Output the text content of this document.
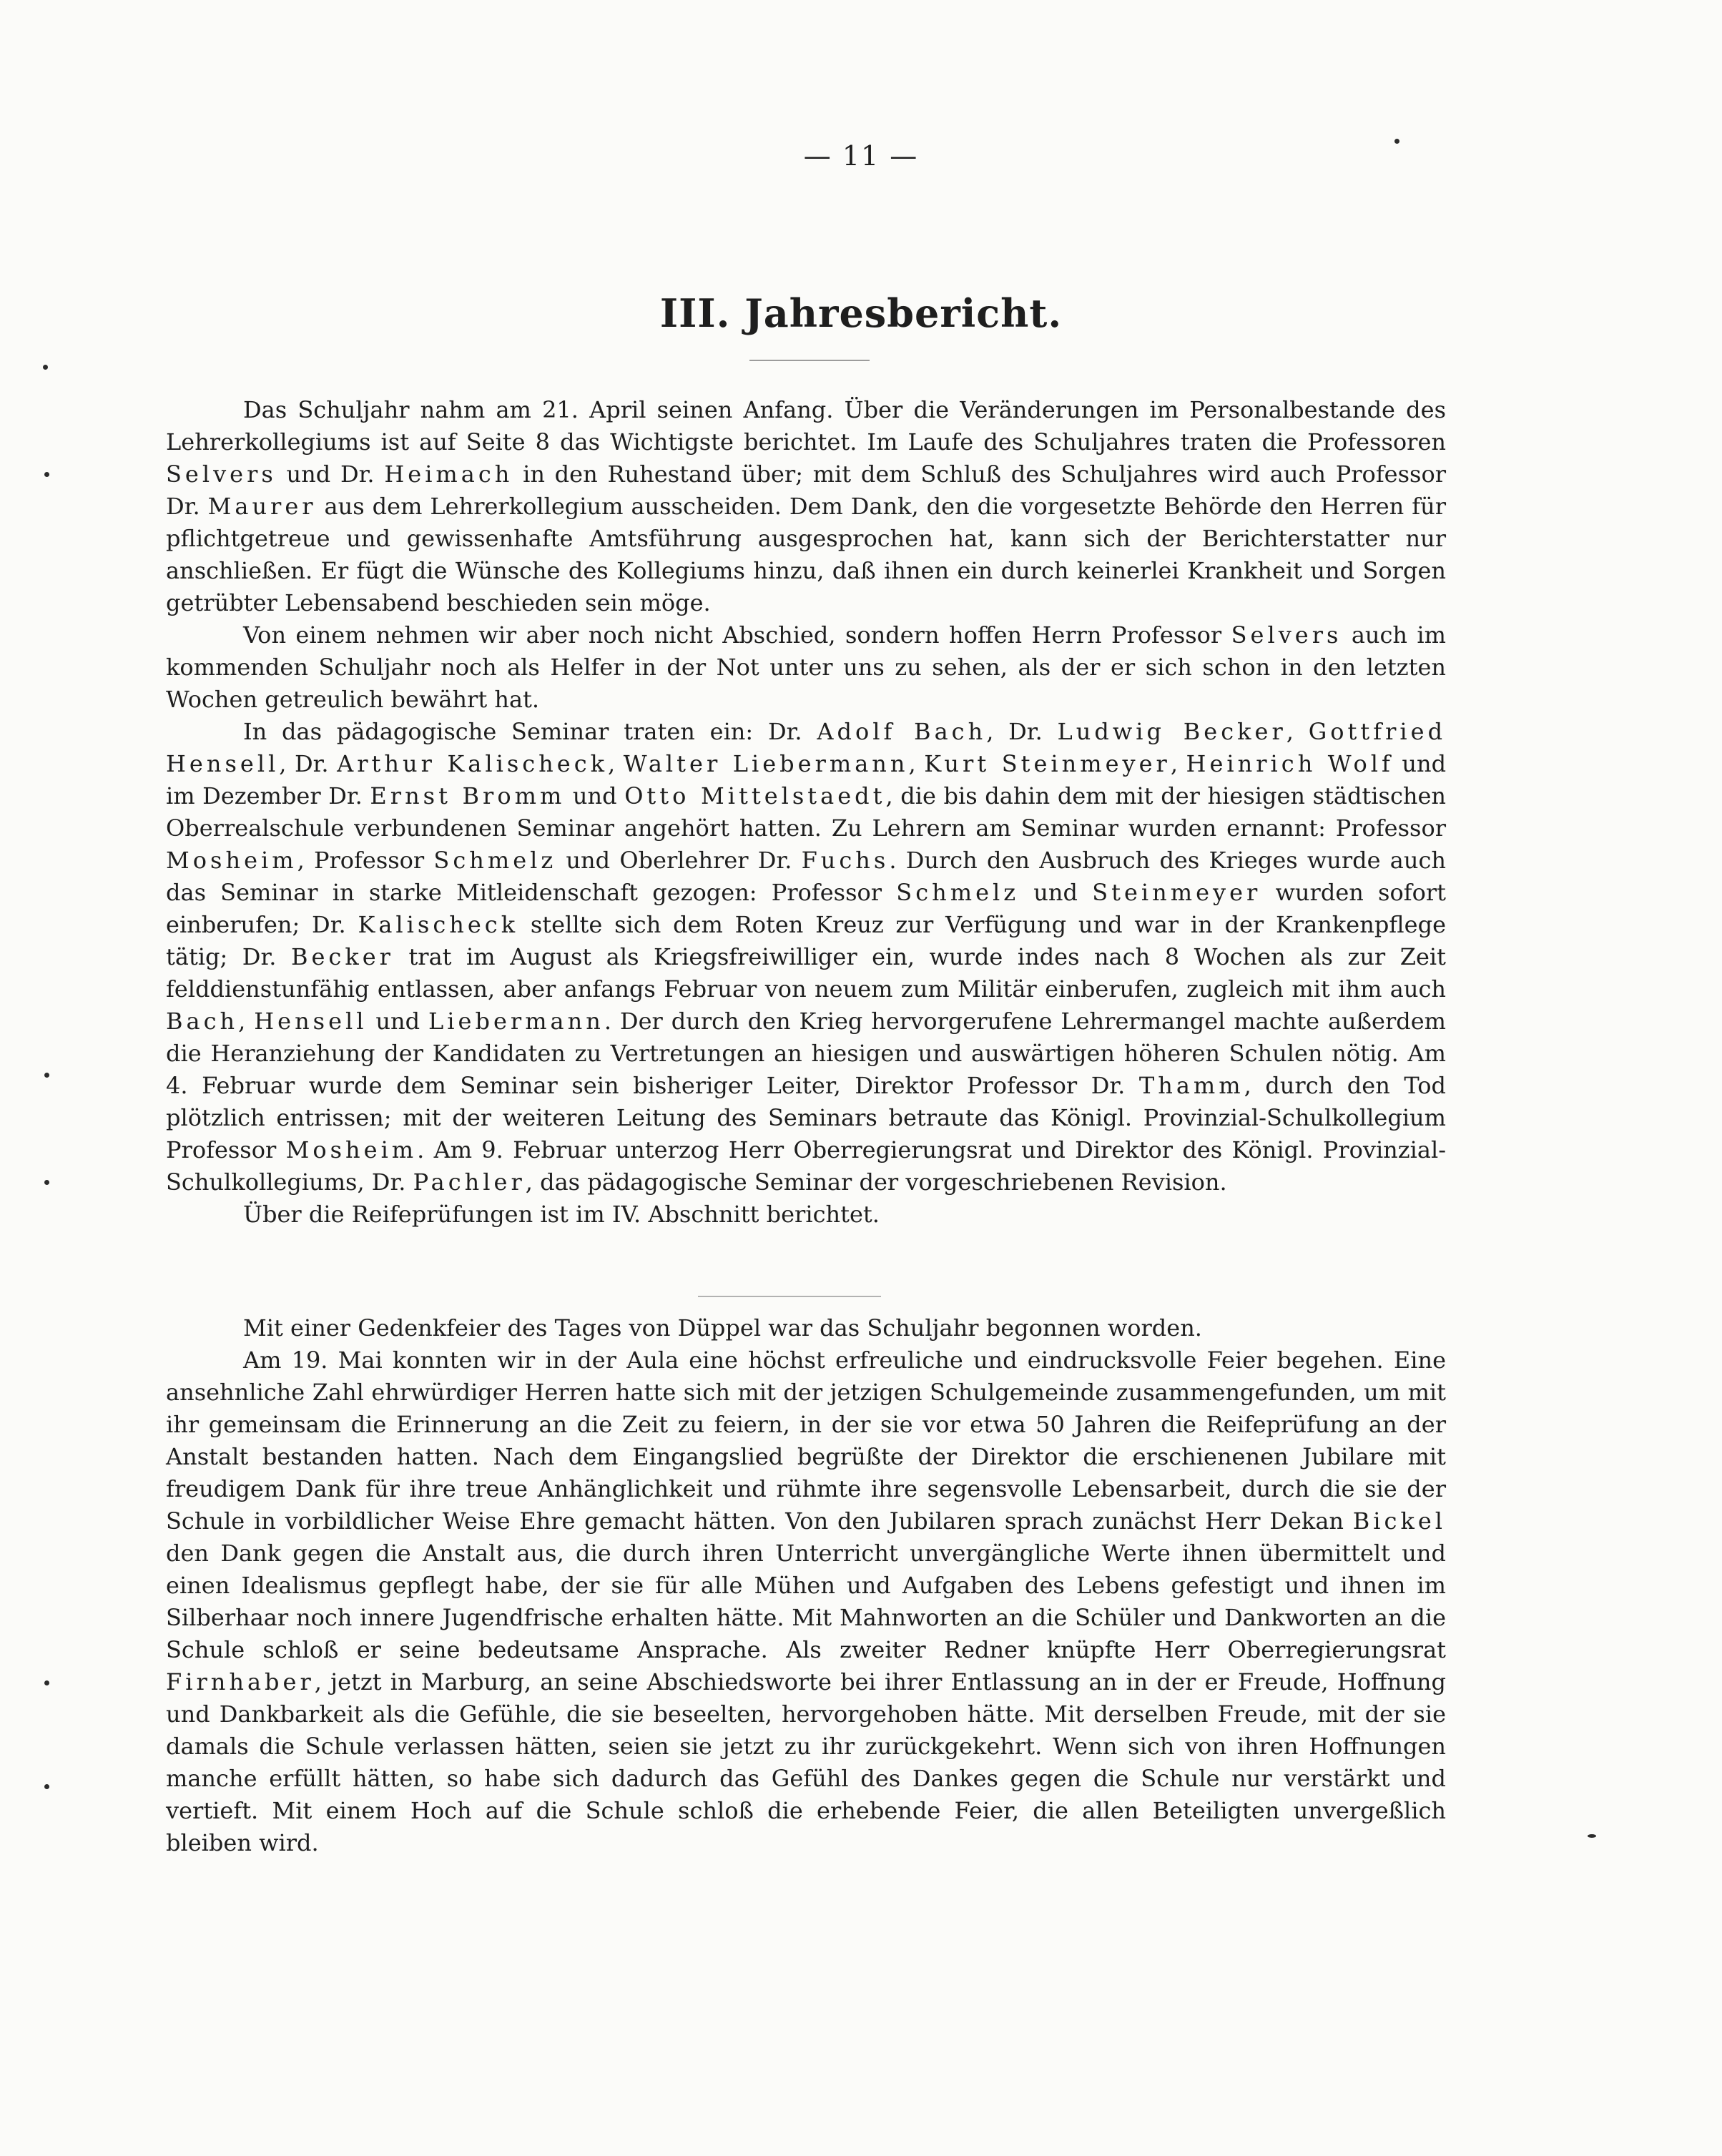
— 11 —
III. Jahresbericht.

Das Schuljahr nahm am 21. April seinen Anfang. Über die Veränderungen im Personalbestande des Lehrerkollegiums ist auf Seite 8 das Wichtigste berichtet. Im Laufe des Schuljahres traten die Professoren Selvers und Dr. Heimach in den Ruhestand über; mit dem Schluß des Schuljahres wird auch Professor Dr. Maurer aus dem Lehrerkollegium ausscheiden. Dem Dank, den die vorgesetzte Behörde den Herren für pflichtgetreue und gewissenhafte Amtsführung ausgesprochen hat, kann sich der Berichterstatter nur anschließen. Er fügt die Wünsche des Kollegiums hinzu, daß ihnen ein durch keinerlei Krankheit und Sorgen getrübter Lebensabend beschieden sein möge.

Von einem nehmen wir aber noch nicht Abschied, sondern hoffen Herrn Professor Selvers auch im kommenden Schuljahr noch als Helfer in der Not unter uns zu sehen, als der er sich schon in den letzten Wochen getreulich bewährt hat.

In das pädagogische Seminar traten ein: Dr. Adolf Bach, Dr. Ludwig Becker, Gottfried Hensell, Dr. Arthur Kalischeck, Walter Liebermann, Kurt Steinmeyer, Heinrich Wolf und im Dezember Dr. Ernst Bromm und Otto Mittelstaedt, die bis dahin dem mit der hiesigen städtischen Oberrealschule verbundenen Seminar angehört hatten. Zu Lehrern am Seminar wurden ernannt: Professor Mosheim, Professor Schmelz und Oberlehrer Dr. Fuchs. Durch den Ausbruch des Krieges wurde auch das Seminar in starke Mitleidenschaft gezogen: Professor Schmelz und Steinmeyer wurden sofort einberufen; Dr. Kalischeck stellte sich dem Roten Kreuz zur Verfügung und war in der Krankenpflege tätig; Dr. Becker trat im August als Kriegsfreiwilliger ein, wurde indes nach 8 Wochen als zur Zeit felddienstunfähig entlassen, aber anfangs Februar von neuem zum Militär einberufen, zugleich mit ihm auch Bach, Hensell und Liebermann. Der durch den Krieg hervorgerufene Lehrermangel machte außerdem die Heranziehung der Kandidaten zu Vertretungen an hiesigen und auswärtigen höheren Schulen nötig. Am 4. Februar wurde dem Seminar sein bisheriger Leiter, Direktor Professor Dr. Thamm, durch den Tod plötzlich entrissen; mit der weiteren Leitung des Seminars betraute das Königl. Provinzial-Schulkollegium Professor Mosheim. Am 9. Februar unterzog Herr Oberregierungsrat und Direktor des Königl. Provinzial-Schulkollegiums, Dr. Pachler, das pädagogische Seminar der vorgeschriebenen Revision.

Über die Reifeprüfungen ist im IV. Abschnitt berichtet.

Mit einer Gedenkfeier des Tages von Düppel war das Schuljahr begonnen worden.

Am 19. Mai konnten wir in der Aula eine höchst erfreuliche und eindrucksvolle Feier begehen. Eine ansehnliche Zahl ehrwürdiger Herren hatte sich mit der jetzigen Schulgemeinde zusammengefunden, um mit ihr gemeinsam die Erinnerung an die Zeit zu feiern, in der sie vor etwa 50 Jahren die Reifeprüfung an der Anstalt bestanden hatten. Nach dem Eingangslied begrüßte der Direktor die erschienenen Jubilare mit freudigem Dank für ihre treue Anhänglichkeit und rühmte ihre segensvolle Lebensarbeit, durch die sie der Schule in vorbildlicher Weise Ehre gemacht hätten. Von den Jubilaren sprach zunächst Herr Dekan Bickel den Dank gegen die Anstalt aus, die durch ihren Unterricht unvergängliche Werte ihnen übermittelt und einen Idealismus gepflegt habe, der sie für alle Mühen und Aufgaben des Lebens gefestigt und ihnen im Silberhaar noch innere Jugendfrische erhalten hätte. Mit Mahnworten an die Schüler und Dankworten an die Schule schloß er seine bedeutsame Ansprache. Als zweiter Redner knüpfte Herr Oberregierungsrat Firnhaber, jetzt in Marburg, an seine Abschiedsworte bei ihrer Entlassung an in der er Freude, Hoffnung und Dankbarkeit als die Gefühle, die sie beseelten, hervorgehoben hätte. Mit derselben Freude, mit der sie damals die Schule verlassen hätten, seien sie jetzt zu ihr zurückgekehrt. Wenn sich von ihren Hoffnungen manche erfüllt hätten, so habe sich dadurch das Gefühl des Dankes gegen die Schule nur verstärkt und vertieft. Mit einem Hoch auf die Schule schloß die erhebende Feier, die allen Beteiligten unvergeßlich bleiben wird.
